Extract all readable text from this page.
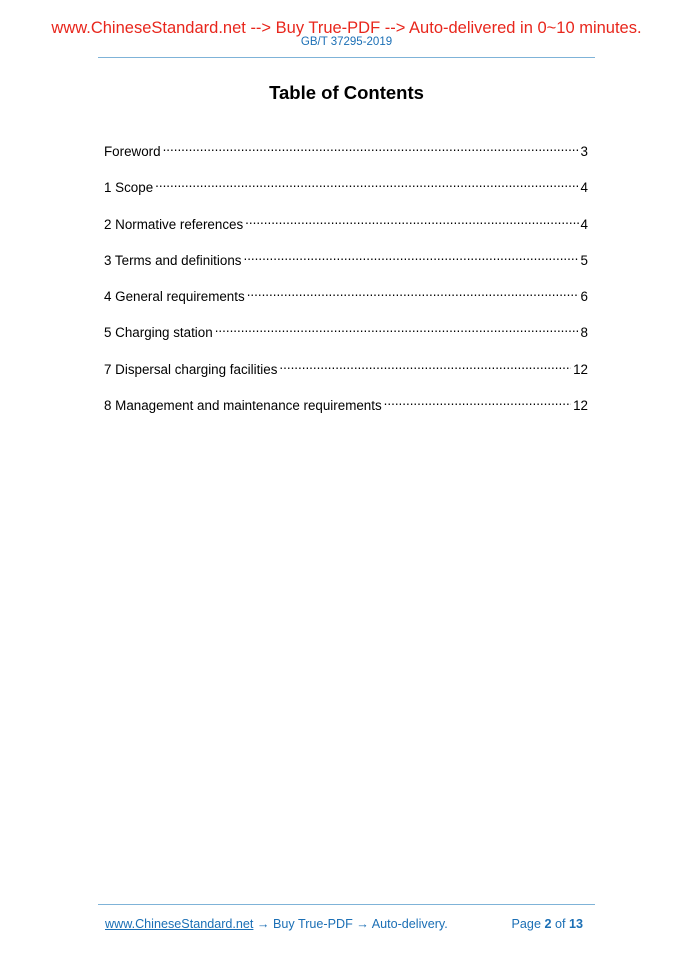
www.ChineseStandard.net --> Buy True-PDF --> Auto-delivered in 0~10 minutes.
GB/T 37295-2019
Table of Contents
Foreword .....	3
1 Scope .....	4
2 Normative references .....	4
3 Terms and definitions .....	5
4 General requirements .....	6
5 Charging station .....	8
7 Dispersal charging facilities .....	12
8 Management and maintenance requirements .....	12
www.ChineseStandard.net → Buy True-PDF → Auto-delivery.	Page 2 of 13
